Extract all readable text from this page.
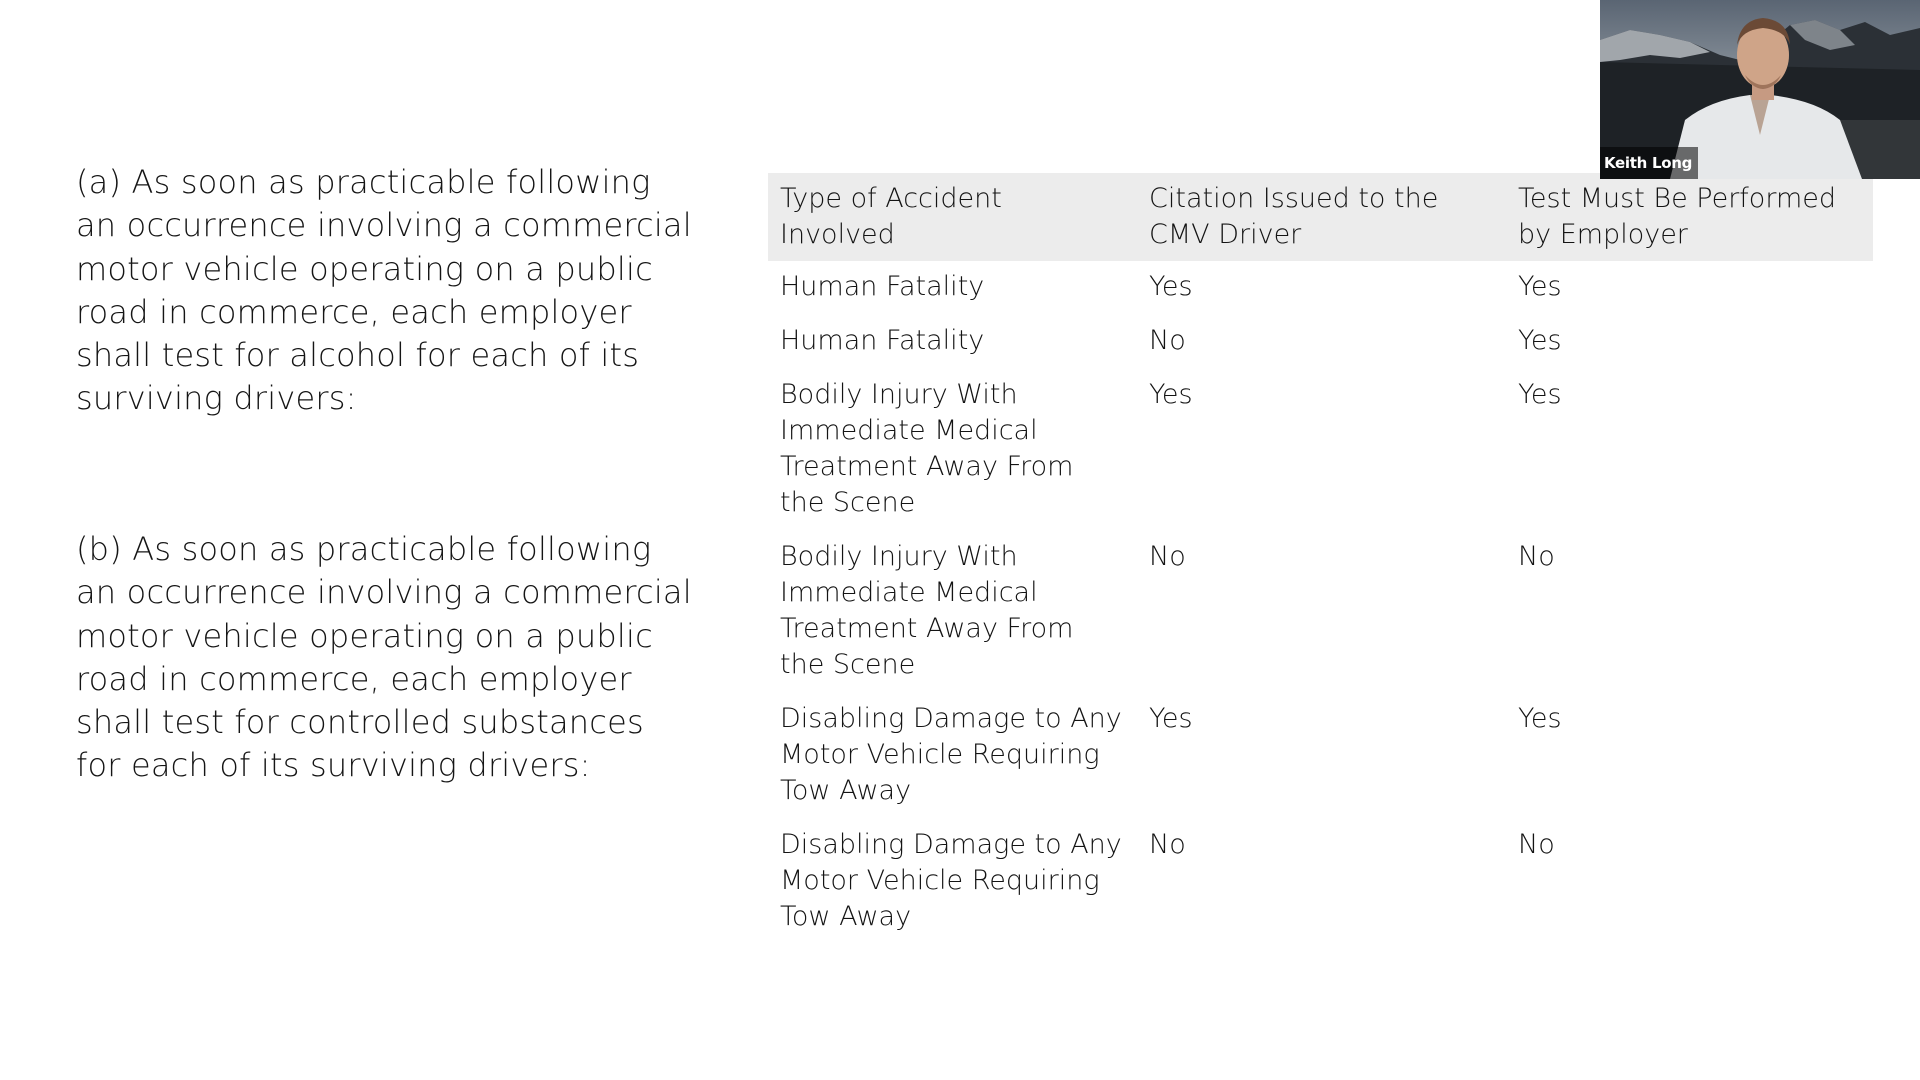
(a) As soon as practicable following an occurrence involving a commercial motor vehicle operating on a public road in commerce, each employer shall test for alcohol for each of its surviving drivers:
(b) As soon as practicable following an occurrence involving a commercial motor vehicle operating on a public road in commerce, each employer shall test for controlled substances for each of its surviving drivers:
Type of Accident Involved	Citation Issued to the CMV Driver	Test Must Be Performed by Employer
Human Fatality	Yes	Yes
Human Fatality	No	Yes
Bodily Injury With Immediate Medical Treatment Away From the Scene	Yes	Yes
Bodily Injury With Immediate Medical Treatment Away From the Scene	No	No
Disabling Damage to Any Motor Vehicle Requiring Tow Away	Yes	Yes
Disabling Damage to Any Motor Vehicle Requiring Tow Away	No	No
Keith Long
